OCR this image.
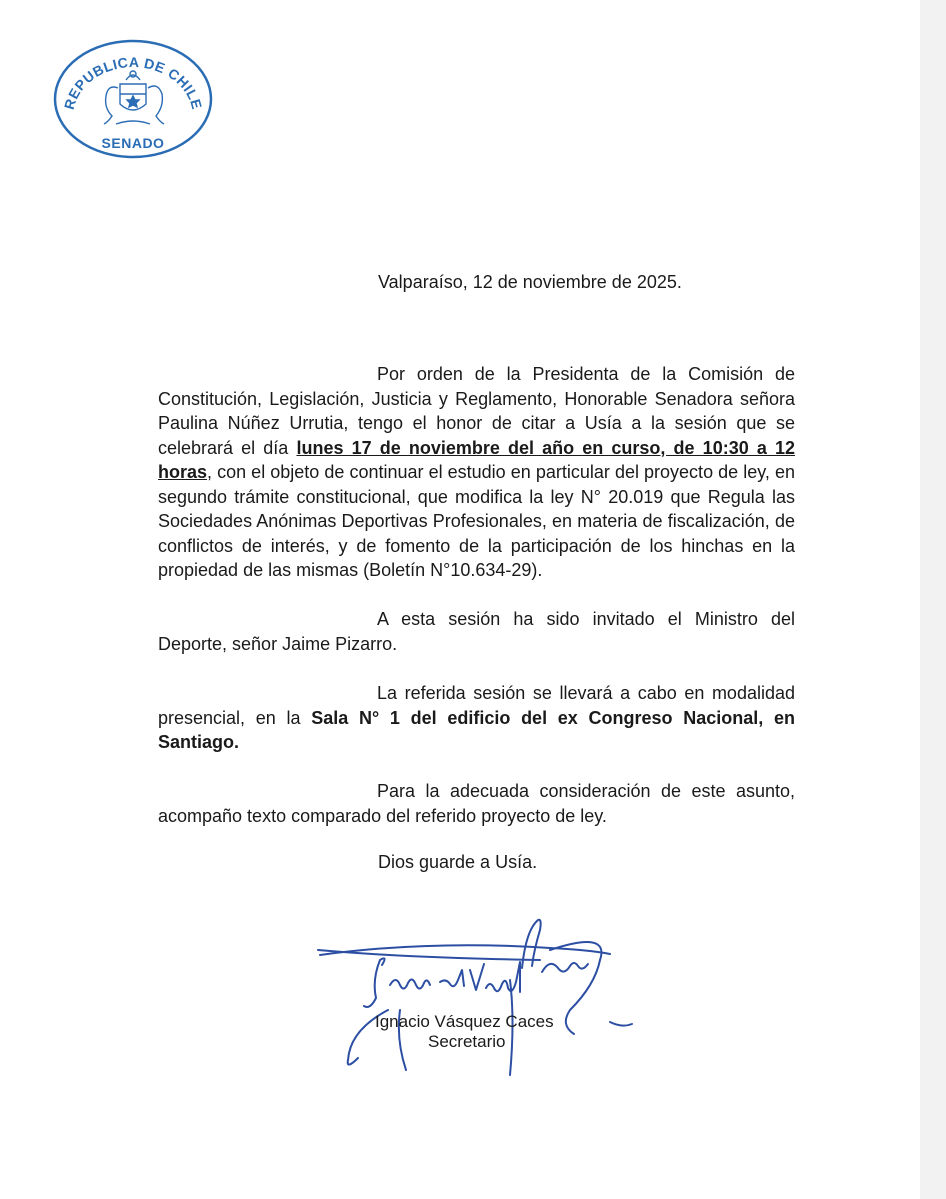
REPUBLICA DE CHILE
SENADO
Valparaíso, 12 de noviembre de 2025.

Por orden de la Presidenta de la Comisión de Constitución, Legislación, Justicia y Reglamento, Honorable Senadora señora Paulina Núñez Urrutia, tengo el honor de citar a Usía a la sesión que se celebrará el día lunes 17 de noviembre del año en curso, de 10:30 a 12 horas, con el objeto de continuar el estudio en particular del proyecto de ley, en segundo trámite constitucional, que modifica la ley N° 20.019 que Regula las Sociedades Anónimas Deportivas Profesionales, en materia de fiscalización, de conflictos de interés, y de fomento de la participación de los hinchas en la propiedad de las mismas (Boletín N°10.634-29).

A esta sesión ha sido invitado el Ministro del Deporte, señor Jaime Pizarro.

La referida sesión se llevará a cabo en modalidad presencial, en la Sala N° 1 del edificio del ex Congreso Nacional, en Santiago.

Para la adecuada consideración de este asunto, acompaño texto comparado del referido proyecto de ley.

Dios guarde a Usía.
Ignacio Vásquez Caces
Secretario
